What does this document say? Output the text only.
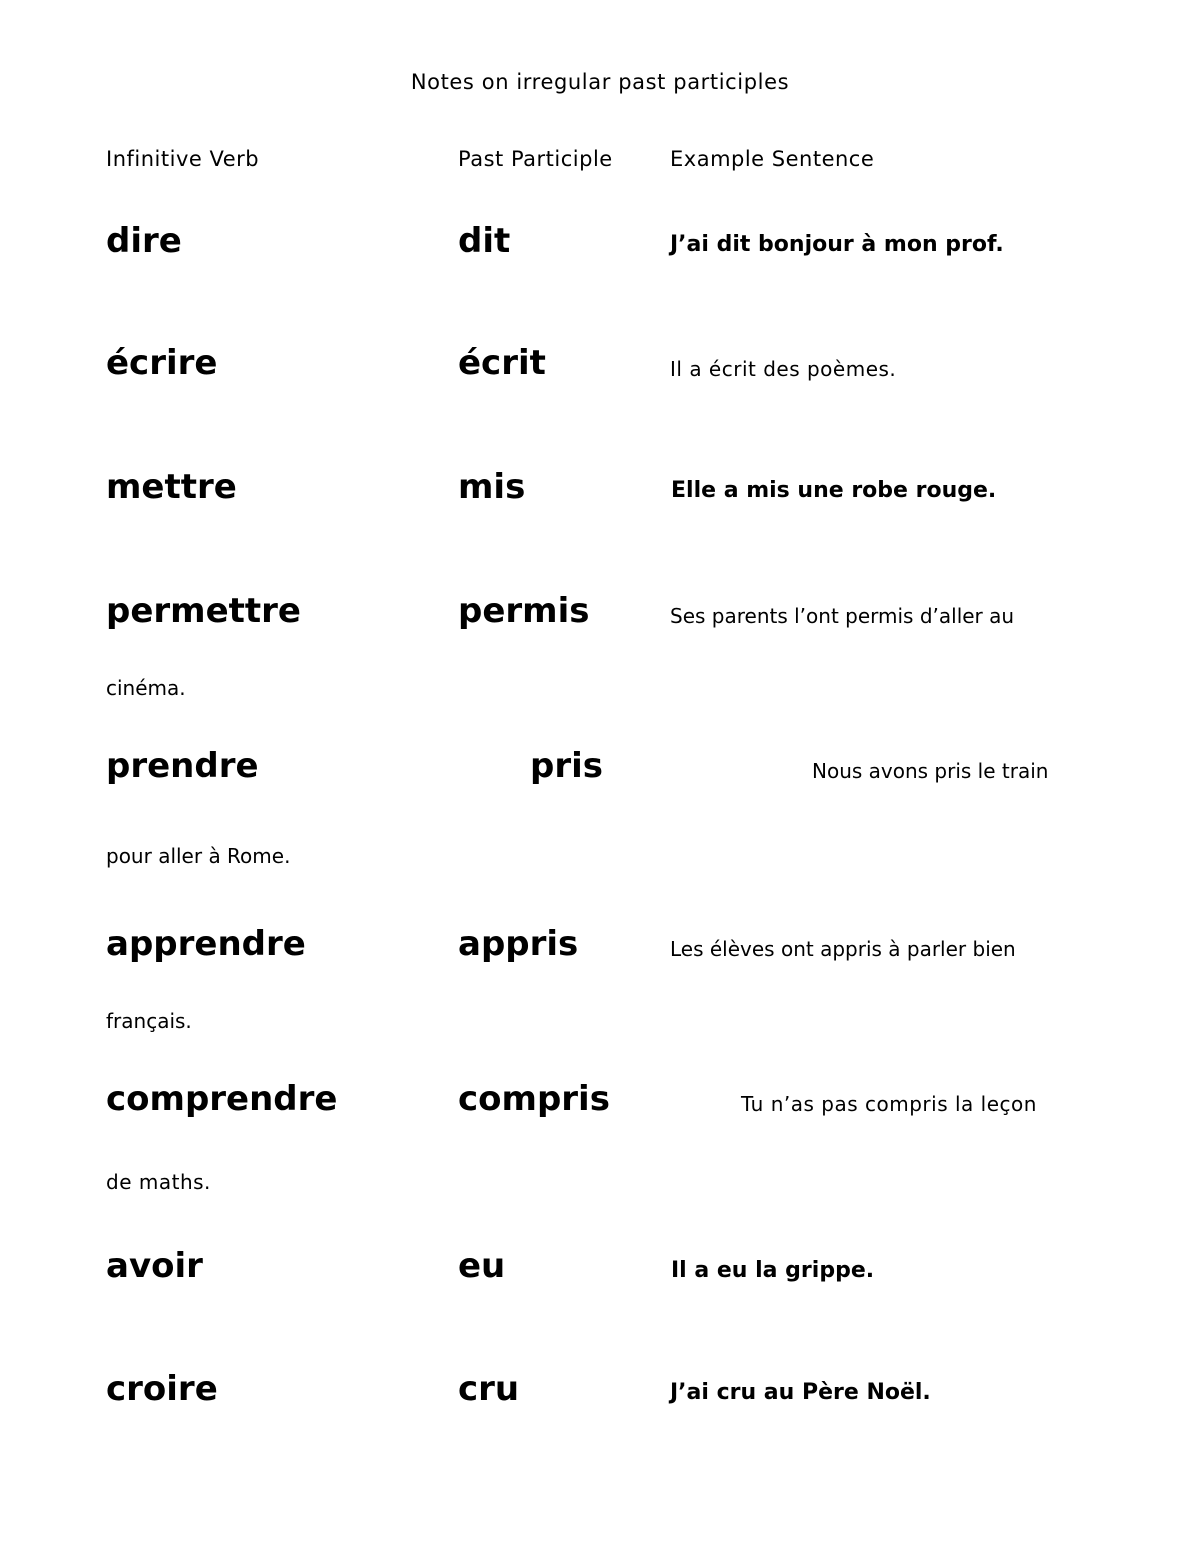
Notes on irregular past participles
Infinitive Verb	Past Participle	Example Sentence
dire	dit	J’ai dit bonjour à mon prof.
écrire	écrit	Il a écrit des poèmes.
mettre	mis	Elle a mis une robe rouge.
permettre	permis	Ses parents l’ont permis d’aller au
cinéma.
prendre	pris	Nous avons pris le train
pour aller à Rome.
apprendre	appris	Les élèves ont appris à parler bien
français.
comprendre	compris	Tu n’as pas compris la leçon
de maths.
avoir	eu	Il a eu la grippe.
croire	cru	J’ai cru au Père Noël.
